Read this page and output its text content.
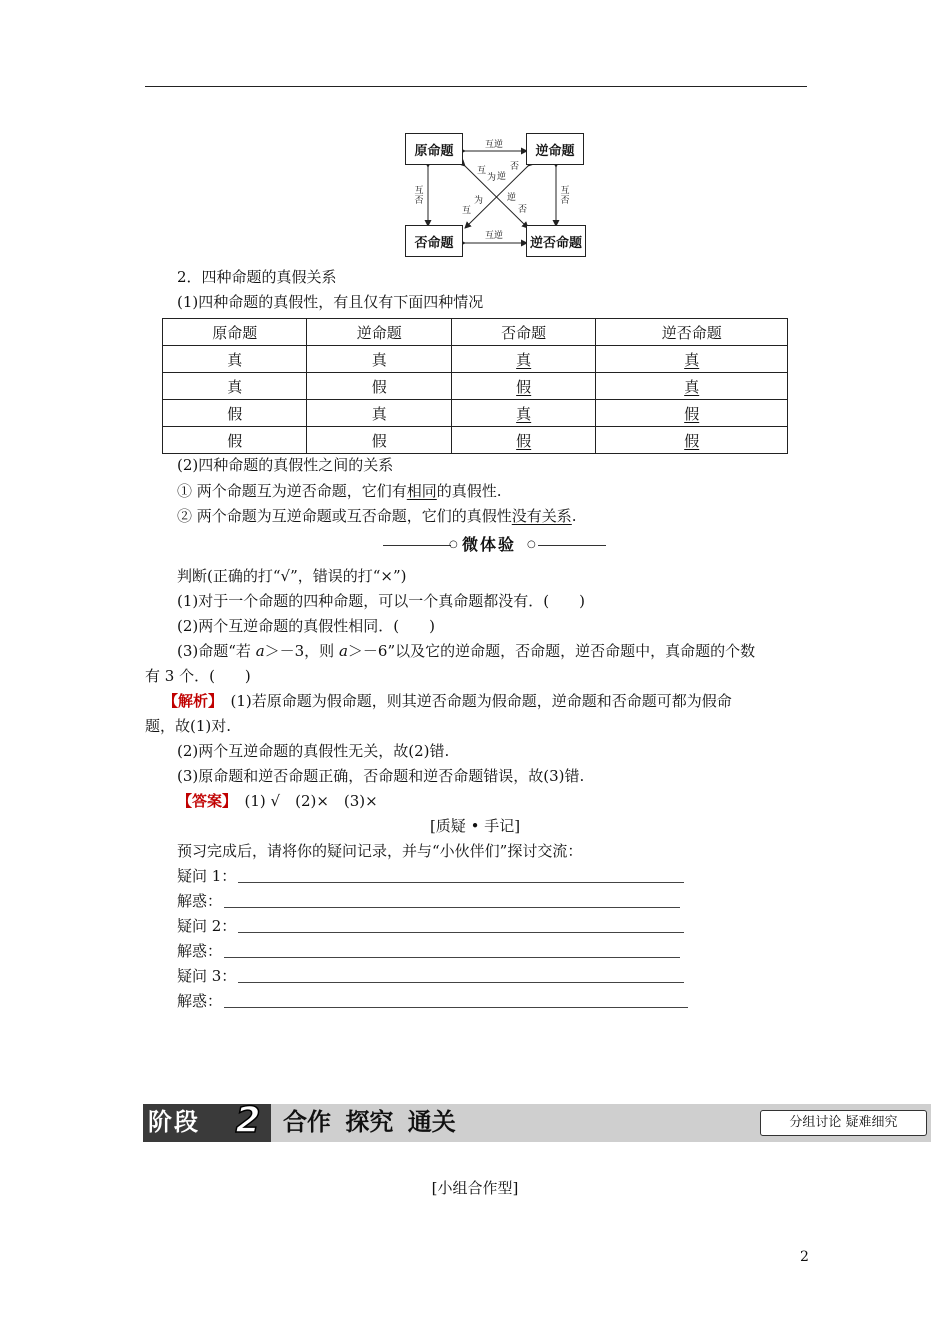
原命题	逆命题
否命题	逆否命题
互逆
互逆
互否
互否
互
为 逆
否
否
逆
为
互
2．四种命题的真假关系
(1)四种命题的真假性，有且仅有下面四种情况
原命题	逆命题	否命题	逆否命题
真	真	真	真
真	假	假	真
假	真	真	假
假	假	假	假
(2)四种命题的真假性之间的关系
① 两个命题互为逆否命题，它们有相同的真假性.
② 两个命题为互逆命题或互否命题，它们的真假性没有关系.
○ 微体验 ○
判断(正确的打“√”，错误的打“×”)
(1)对于一个命题的四种命题，可以一个真命题都没有．(　　)
(2)两个互逆命题的真假性相同．(　　)
(3)命题“若 a＞－3，则 a＞－6”以及它的逆命题，否命题，逆否命题中，真命题的个数
有 3 个．(　　)
【解析】　(1)若原命题为假命题，则其逆否命题为假命题，逆命题和否命题可都为假命
题，故(1)对.
(2)两个互逆命题的真假性无关，故(2)错.
(3)原命题和逆否命题正确，否命题和逆否命题错误，故(3)错.
【答案】　(1) √　(2)×　(3)×
[质疑 • 手记]
预习完成后，请将你的疑问记录，并与“小伙伴们”探讨交流：
疑问 1：
解惑：
疑问 2：
解惑：
疑问 3：
解惑：
阶段 2 合作 探究 通关	分组讨论 疑难细究
[小组合作型]
2
